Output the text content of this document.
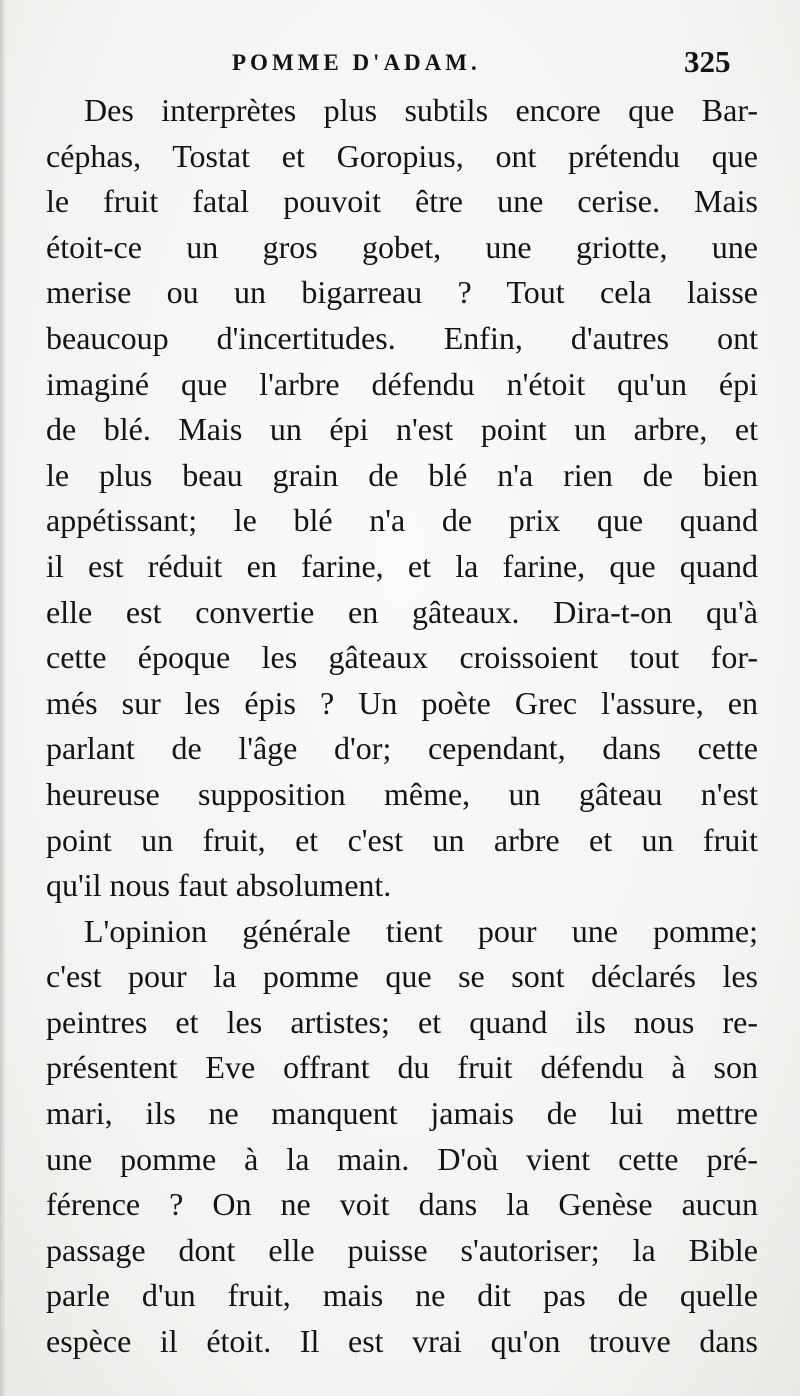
POMME D'ADAM.	325
Des interprètes plus subtils encore que Bar-
céphas, Tostat et Goropius, ont prétendu que
le fruit fatal pouvoit être une cerise. Mais
étoit-ce un gros gobet, une griotte, une
merise ou un bigarreau ? Tout cela laisse
beaucoup d'incertitudes. Enfin, d'autres ont
imaginé que l'arbre défendu n'étoit qu'un épi
de blé. Mais un épi n'est point un arbre, et
le plus beau grain de blé n'a rien de bien
appétissant; le blé n'a de prix que quand
il est réduit en farine, et la farine, que quand
elle est convertie en gâteaux. Dira-t-on qu'à
cette époque les gâteaux croissoient tout for-
més sur les épis ? Un poète Grec l'assure, en
parlant de l'âge d'or; cependant, dans cette
heureuse supposition même, un gâteau n'est
point un fruit, et c'est un arbre et un fruit
qu'il nous faut absolument.
L'opinion générale tient pour une pomme;
c'est pour la pomme que se sont déclarés les
peintres et les artistes; et quand ils nous re-
présentent Eve offrant du fruit défendu à son
mari, ils ne manquent jamais de lui mettre
une pomme à la main. D'où vient cette pré-
férence ? On ne voit dans la Genèse aucun
passage dont elle puisse s'autoriser; la Bible
parle d'un fruit, mais ne dit pas de quelle
espèce il étoit. Il est vrai qu'on trouve dans
